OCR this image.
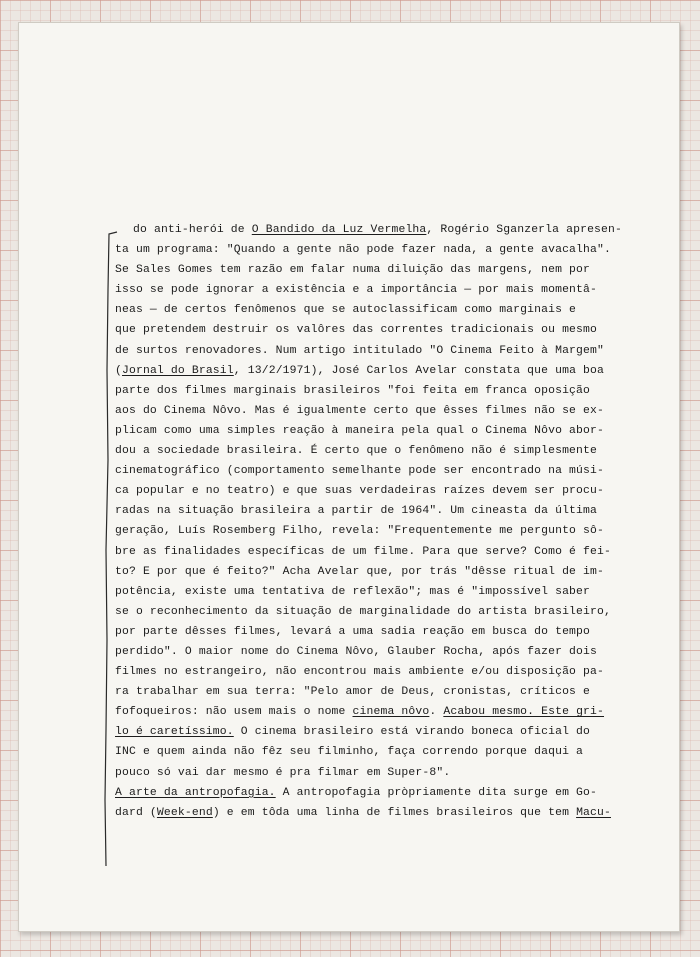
do anti-herói de O Bandido da Luz Vermelha, Rogério Sganzerla apresen-
ta um programa: "Quando a gente não pode fazer nada, a gente avacalha".
Se Sales Gomes tem razão em falar numa diluição das margens, nem por
isso se pode ignorar a existência e a importância — por mais momentâ-
neas — de certos fenômenos que se autoclassificam como marginais e
que pretendem destruir os valôres das correntes tradicionais ou mesmo
de surtos renovadores. Num artigo intitulado "O Cinema Feito à Margem"
(Jornal do Brasil, 13/2/1971), José Carlos Avelar constata que uma boa
parte dos filmes marginais brasileiros "foi feita em franca oposição
aos do Cinema Nôvo. Mas é igualmente certo que êsses filmes não se ex-
plicam como uma simples reação à maneira pela qual o Cinema Nôvo abor-
dou a sociedade brasileira. É certo que o fenômeno não é simplesmente
cinematográfico (comportamento semelhante pode ser encontrado na músi-
ca popular e no teatro) e que suas verdadeiras raízes devem ser procu-
radas na situação brasileira a partir de 1964". Um cineasta da última
geração, Luís Rosemberg Filho, revela: "Frequentemente me pergunto sô-
bre as finalidades específicas de um filme. Para que serve? Como é fei-
to? E por que é feito?" Acha Avelar que, por trás "dêsse ritual de im-
potência, existe uma tentativa de reflexão"; mas é "impossível saber
se o reconhecimento da situação de marginalidade do artista brasileiro,
por parte dêsses filmes, levará a uma sadia reação em busca do tempo
perdido". O maior nome do Cinema Nôvo, Glauber Rocha, após fazer dois
filmes no estrangeiro, não encontrou mais ambiente e/ou disposição pa-
ra trabalhar em sua terra: "Pelo amor de Deus, cronistas, críticos e
fofoqueiros: não usem mais o nome cinema nôvo. Acabou mesmo. Este gri-
lo é caretíssimo. O cinema brasileiro está virando boneca oficial do
INC e quem ainda não fêz seu filminho, faça correndo porque daqui a
pouco só vai dar mesmo é pra filmar em Super-8".
A arte da antropofagia. A antropofagia pròpriamente dita surge em Go-
dard (Week-end) e em tôda uma linha de filmes brasileiros que tem Macu-
